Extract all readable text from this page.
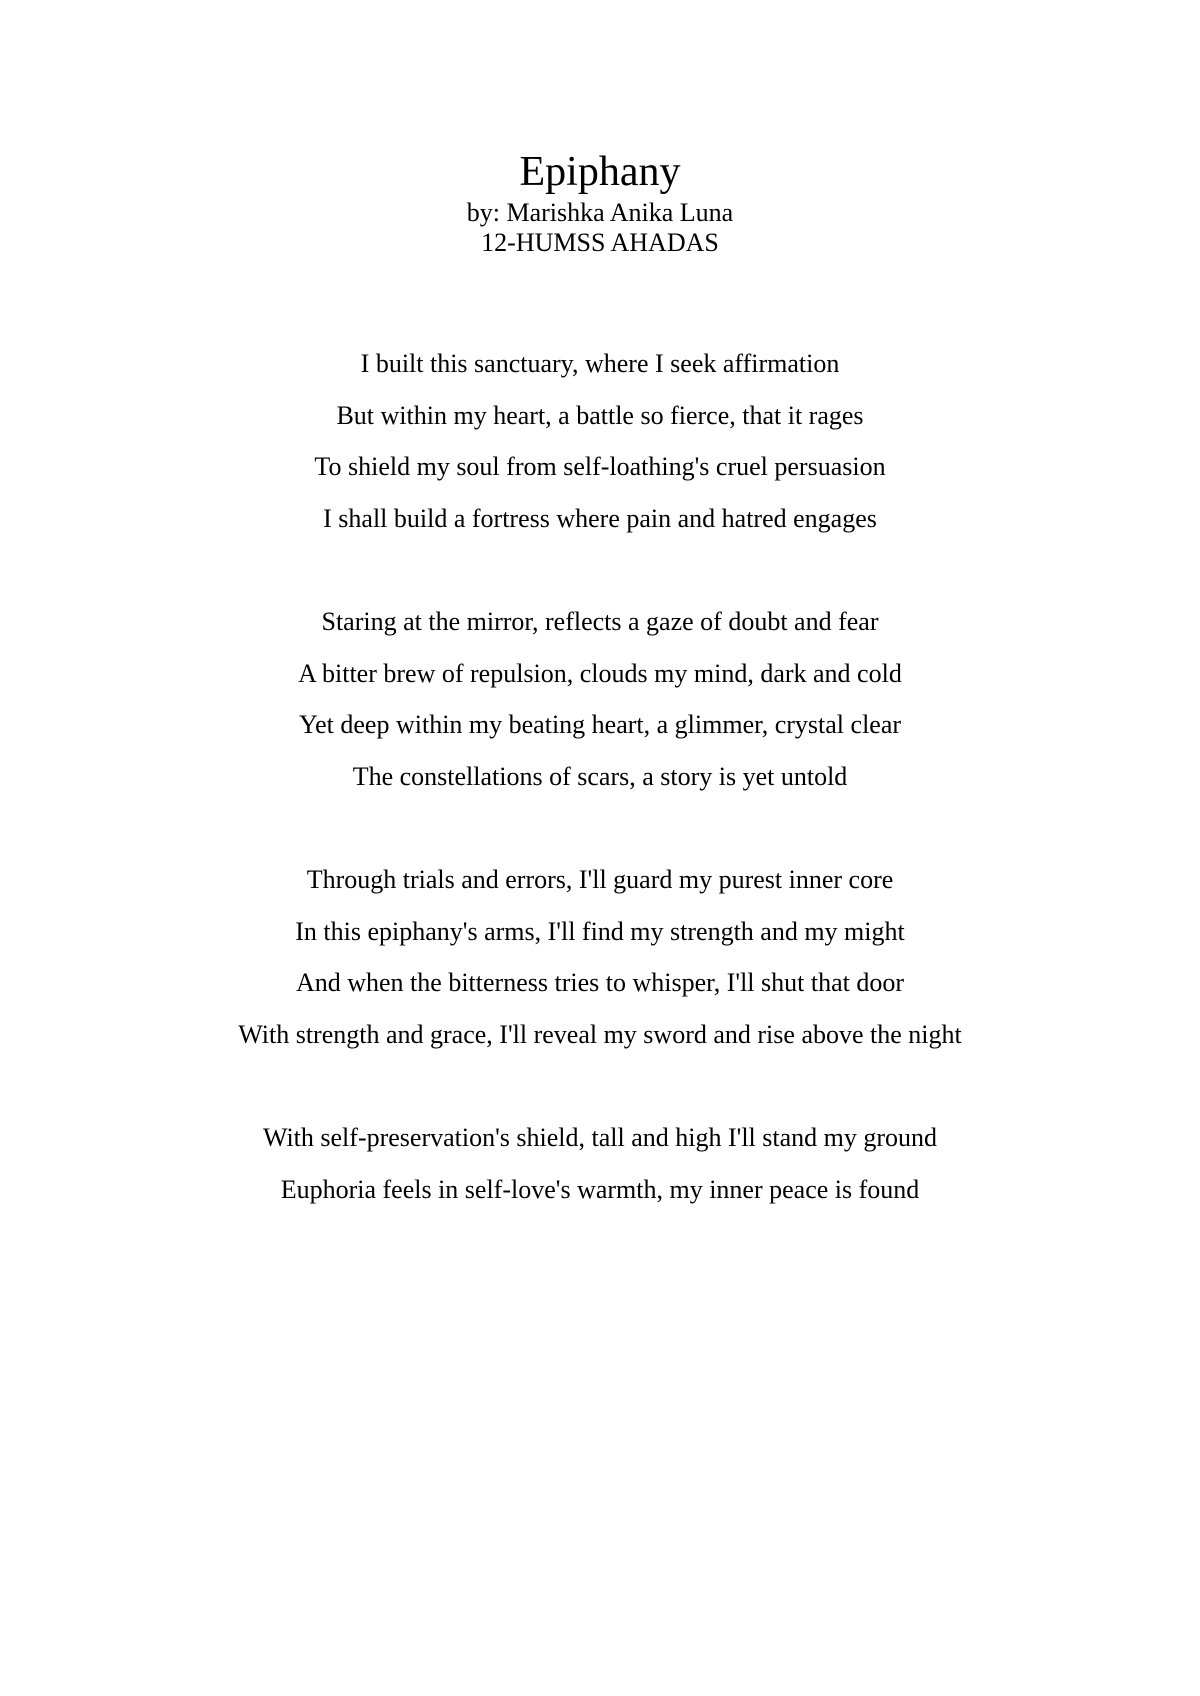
Epiphany

by: Marishka Anika Luna

12-HUMSS AHADAS

I built this sanctuary, where I seek affirmation
But within my heart, a battle so fierce, that it rages
To shield my soul from self-loathing's cruel persuasion
I shall build a fortress where pain and hatred engages
Staring at the mirror, reflects a gaze of doubt and fear
A bitter brew of repulsion, clouds my mind, dark and cold
Yet deep within my beating heart, a glimmer, crystal clear
The constellations of scars, a story is yet untold
Through trials and errors, I'll guard my purest inner core
In this epiphany's arms, I'll find my strength and my might
And when the bitterness tries to whisper, I'll shut that door
With strength and grace, I'll reveal my sword and rise above the night
With self-preservation's shield, tall and high I'll stand my ground
Euphoria feels in self-love's warmth, my inner peace is found
